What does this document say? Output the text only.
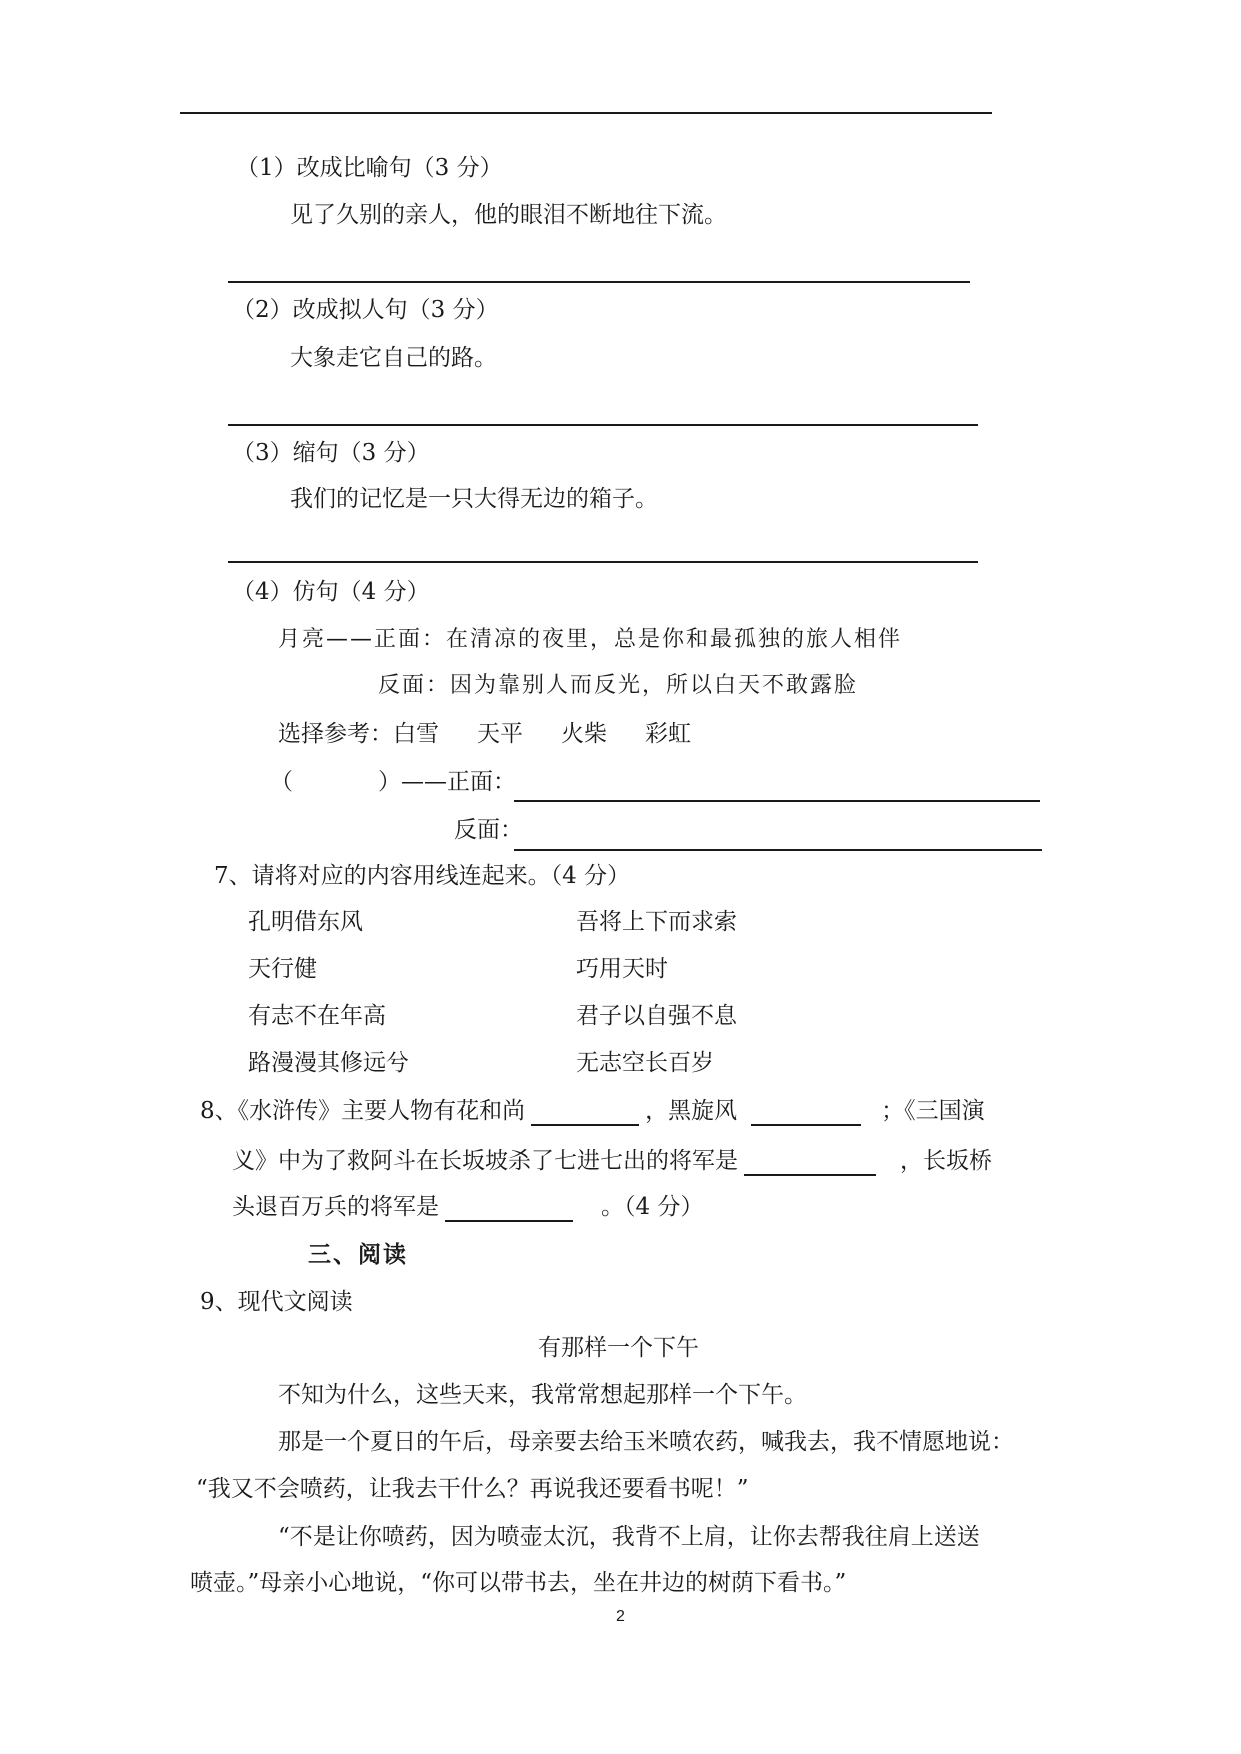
（1）改成比喻句（3 分）
见了久别的亲人，他的眼泪不断地往下流。
（2）改成拟人句（3 分）
大象走它自己的路。
（3）缩句（3 分）
我们的记忆是一只大得无边的箱子。
（4）仿句（4 分）
月亮——正面：在清凉的夜里，总是你和最孤独的旅人相伴
反面：因为靠别人而反光，所以白天不敢露脸
选择参考：白雪 天平 火柴 彩虹
（	）——正面：
反面：
7、请将对应的内容用线连起来。（4 分）
孔明借东风	吾将上下而求索
天行健	巧用天时
有志不在年高	君子以自强不息
路漫漫其修远兮	无志空长百岁
8、《水浒传》主要人物有花和尚	，黑旋风	；《三国演
义》中为了救阿斗在长坂坡杀了七进七出的将军是	，长坂桥
头退百万兵的将军是	。（4 分）
三、阅读
9、现代文阅读
有那样一个下午
不知为什么，这些天来，我常常想起那样一个下午。
那是一个夏日的午后，母亲要去给玉米喷农药，喊我去，我不情愿地说：
“我又不会喷药，让我去干什么？再说我还要看书呢！”
“不是让你喷药，因为喷壶太沉，我背不上肩，让你去帮我往肩上送送
喷壶。”母亲小心地说，“你可以带书去，坐在井边的树荫下看书。”
2
